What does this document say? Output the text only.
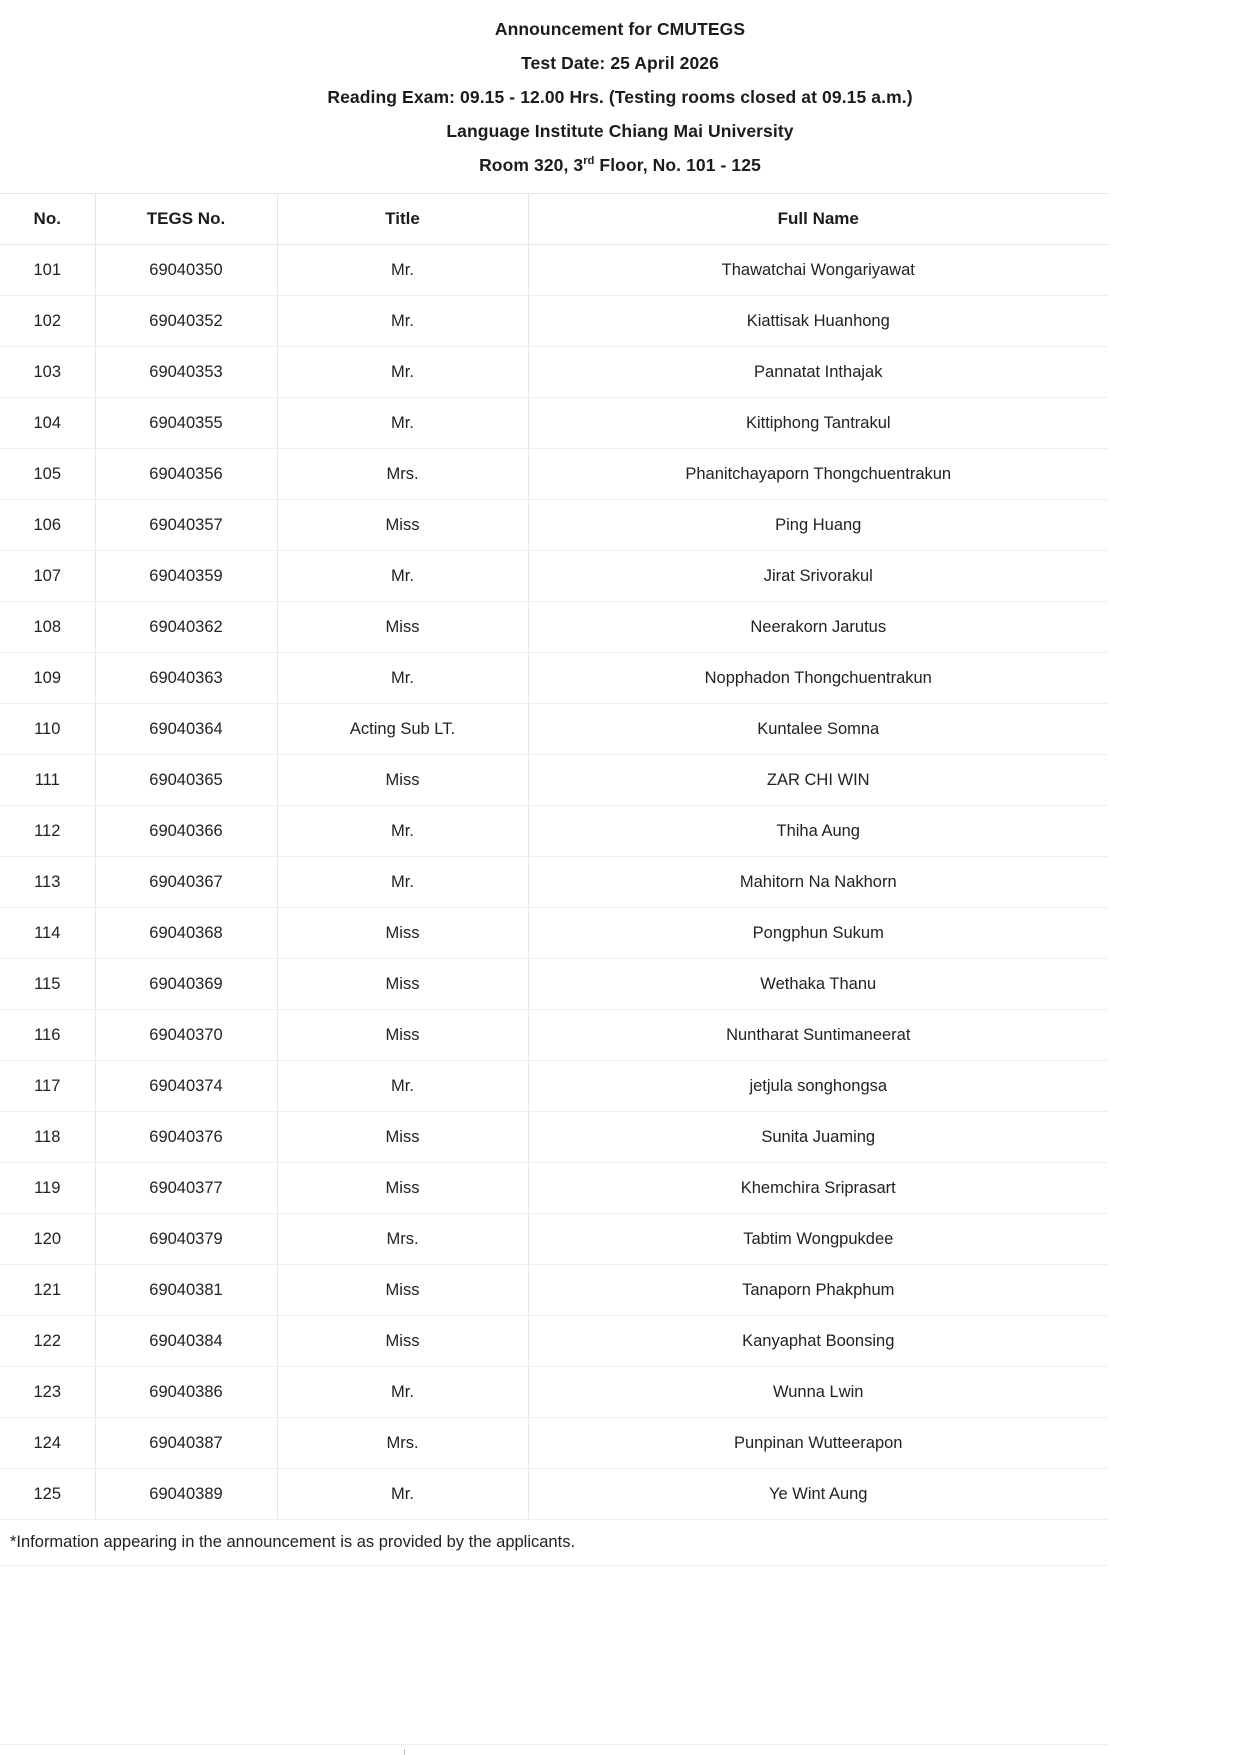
Announcement for CMUTEGS
Test Date: 25 April 2026
Reading Exam: 09.15 - 12.00 Hrs. (Testing rooms closed at 09.15 a.m.)
Language Institute Chiang Mai University
Room 320, 3rd Floor, No. 101 - 125
No.	TEGS No.	Title	Full Name
101	69040350	Mr.	Thawatchai Wongariyawat
102	69040352	Mr.	Kiattisak Huanhong
103	69040353	Mr.	Pannatat Inthajak
104	69040355	Mr.	Kittiphong Tantrakul
105	69040356	Mrs.	Phanitchayaporn Thongchuentrakun
106	69040357	Miss	Ping Huang
107	69040359	Mr.	Jirat Srivorakul
108	69040362	Miss	Neerakorn Jarutus
109	69040363	Mr.	Nopphadon Thongchuentrakun
110	69040364	Acting Sub LT.	Kuntalee Somna
111	69040365	Miss	ZAR CHI WIN
112	69040366	Mr.	Thiha Aung
113	69040367	Mr.	Mahitorn Na Nakhorn
114	69040368	Miss	Pongphun Sukum
115	69040369	Miss	Wethaka Thanu
116	69040370	Miss	Nuntharat Suntimaneerat
117	69040374	Mr.	jetjula songhongsa
118	69040376	Miss	Sunita Juaming
119	69040377	Miss	Khemchira Sriprasart
120	69040379	Mrs.	Tabtim Wongpukdee
121	69040381	Miss	Tanaporn Phakphum
122	69040384	Miss	Kanyaphat Boonsing
123	69040386	Mr.	Wunna Lwin
124	69040387	Mrs.	Punpinan Wutteerapon
125	69040389	Mr.	Ye Wint Aung
*Information appearing in the announcement is as provided by the applicants.			
